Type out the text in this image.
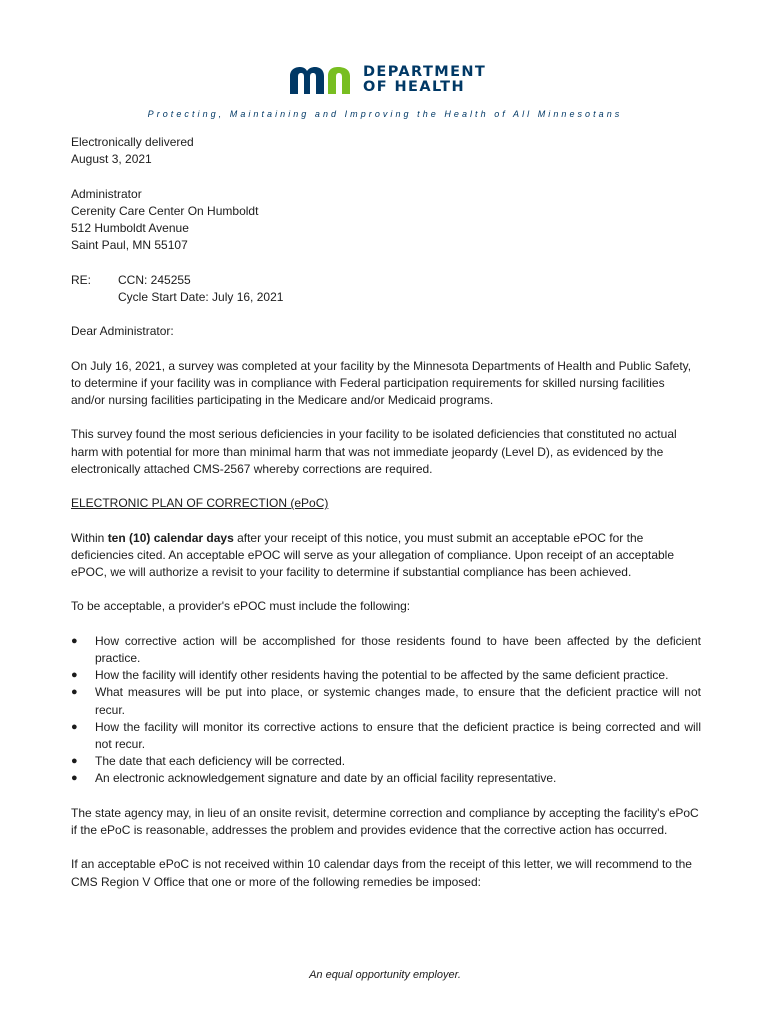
DEPARTMENT
OF HEALTH
Protecting, Maintaining and Improving the Health of All Minnesotans

Electronically delivered

August 3, 2021

Administrator

Cerenity Care Center On Humboldt

512 Humboldt Avenue

Saint Paul, MN 55107

RE:	CCN: 245255
Cycle Start Date: July 16, 2021

Dear Administrator:

On July 16, 2021, a survey was completed at your facility by the Minnesota Departments of Health and Public Safety, to determine if your facility was in compliance with Federal participation requirements for skilled nursing facilities and/or nursing facilities participating in the Medicare and/or Medicaid programs.

This survey found the most serious deficiencies in your facility to be isolated deficiencies that constituted no actual harm with potential for more than minimal harm that was not immediate jeopardy (Level D), as evidenced by the electronically attached CMS-2567 whereby corrections are required.

ELECTRONIC PLAN OF CORRECTION (ePoC)

Within ten (10) calendar days after your receipt of this notice, you must submit an acceptable ePOC for the deficiencies cited. An acceptable ePOC will serve as your allegation of compliance. Upon receipt of an acceptable ePOC, we will authorize a revisit to your facility to determine if substantial compliance has been achieved.

To be acceptable, a provider's ePOC must include the following:

● How corrective action will be accomplished for those residents found to have been affected by the deficient practice.
● How the facility will identify other residents having the potential to be affected by the same deficient practice.
● What measures will be put into place, or systemic changes made, to ensure that the deficient practice will not recur.
● How the facility will monitor its corrective actions to ensure that the deficient practice is being corrected and will not recur.
● The date that each deficiency will be corrected.
● An electronic acknowledgement signature and date by an official facility representative.

The state agency may, in lieu of an onsite revisit, determine correction and compliance by accepting the facility's ePoC if the ePoC is reasonable, addresses the problem and provides evidence that the corrective action has occurred.

If an acceptable ePoC is not received within 10 calendar days from the receipt of this letter, we will recommend to the CMS Region V Office that one or more of the following remedies be imposed:

An equal opportunity employer.
